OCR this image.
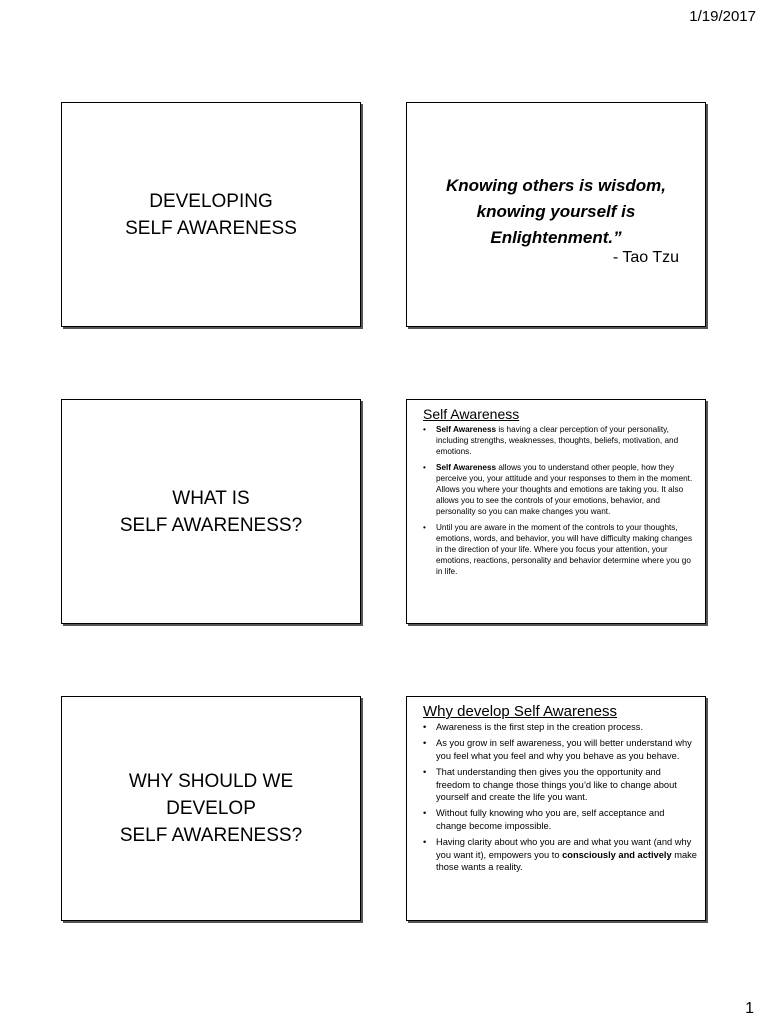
1/19/2017
DEVELOPING
SELF AWARENESS
Knowing others is wisdom,
knowing yourself is
Enlightenment.”
- Tao Tzu
WHAT IS
SELF AWARENESS?
Self Awareness
• Self Awareness is having a clear perception of your personality, including strengths, weaknesses, thoughts, beliefs, motivation, and emotions.
• Self Awareness allows you to understand other people, how they perceive you, your attitude and your responses to them in the moment. Allows you where your thoughts and emotions are taking you. It also allows you to see the controls of your emotions, behavior, and personality so you can make changes you want.
• Until you are aware in the moment of the controls to your thoughts, emotions, words, and behavior, you will have difficulty making changes in the direction of your life. Where you focus your attention, your emotions, reactions, personality and behavior determine where you go in life.
WHY SHOULD WE
DEVELOP
SELF AWARENESS?
Why develop Self Awareness
• Awareness is the first step in the creation process.
• As you grow in self awareness, you will better understand why you feel what you feel and why you behave as you behave.
• That understanding then gives you the opportunity and freedom to change those things you’d like to change about yourself and create the life you want.
• Without fully knowing who you are, self acceptance and change become impossible.
• Having clarity about who you are and what you want (and why you want it), empowers you to consciously and actively make those wants a reality.
1
